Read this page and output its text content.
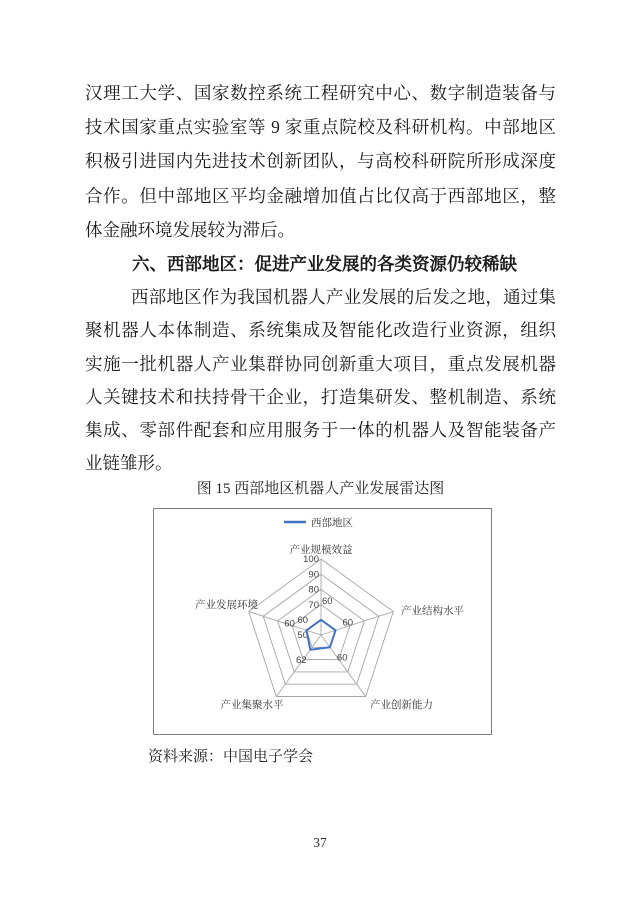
汉理工大学、国家数控系统工程研究中心、数字制造装备与
技术国家重点实验室等 9 家重点院校及科研机构。中部地区
积极引进国内先进技术创新团队，与高校科研院所形成深度
合作。但中部地区平均金融增加值占比仅高于西部地区，整
体金融环境发展较为滞后。
六、西部地区：促进产业发展的各类资源仍较稀缺
西部地区作为我国机器人产业发展的后发之地，通过集
聚机器人本体制造、系统集成及智能化改造行业资源，组织
实施一批机器人产业集群协同创新重大项目，重点发展机器
人关键技术和扶持骨干企业，打造集研发、整机制造、系统
集成、零部件配套和应用服务于一体的机器人及智能装备产
业链雏形。
图 15 西部地区机器人产业发展雷达图
50
60
70
80
90
100
产业规模效益
产业结构水平
产业创新能力
产业集聚水平
产业发展环境	60
60
60
62
60
西部地区
资料来源：中国电子学会
37
